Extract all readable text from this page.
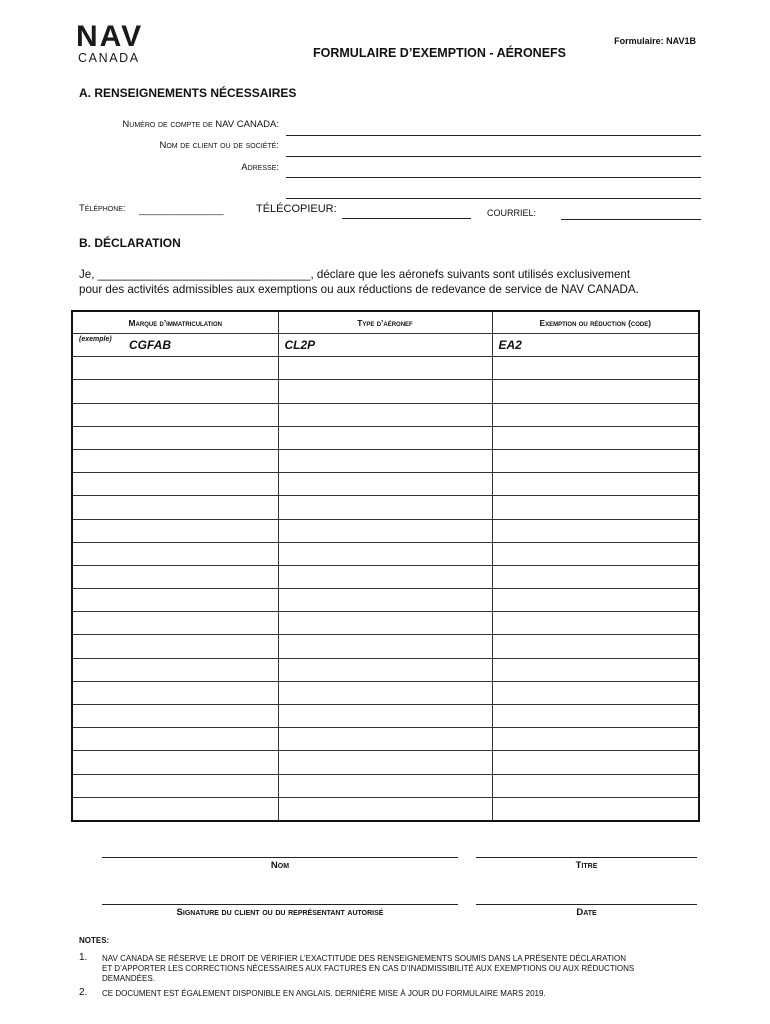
NAV
CANADA
Formulaire: NAV1B
FORMULAIRE D’EXEMPTION - AÉRONEFS
A. RENSEIGNEMENTS NÉCESSAIRES
Numéro de compte de NAV CANADA:
Nom de client ou de société:
Adresse:
Téléphone: ________________	TÉLÉCOPIEUR:	COURRIEL:
B. DÉCLARATION
Je, _________________________________, déclare que les aéronefs suivants sont utilisés exclusivement
pour des activités admissibles aux exemptions ou aux réductions de redevance de service de NAV CANADA.
Marque d’immatriculation	Type d’aéronef	Exemption ou réduction (code)

(exemple) CGFAB	CL2P	EA2

Nom	Titre
Signature du client ou du représentant autorisé	Date
NOTES:
1. NAV CANADA SE RÉSERVE LE DROIT DE VÉRIFIER L’EXACTITUDE DES RENSEIGNEMENTS SOUMIS DANS LA PRÉSENTE DÉCLARATION
ET D’APPORTER LES CORRECTIONS NÉCESSAIRES AUX FACTURES EN CAS D’INADMISSIBILITÉ AUX EXEMPTIONS OU AUX RÉDUCTIONS
DEMANDÉES.
2. CE DOCUMENT EST ÉGALEMENT DISPONIBLE EN ANGLAIS. DERNIÈRE MISE À JOUR DU FORMULAIRE MARS 2019.
